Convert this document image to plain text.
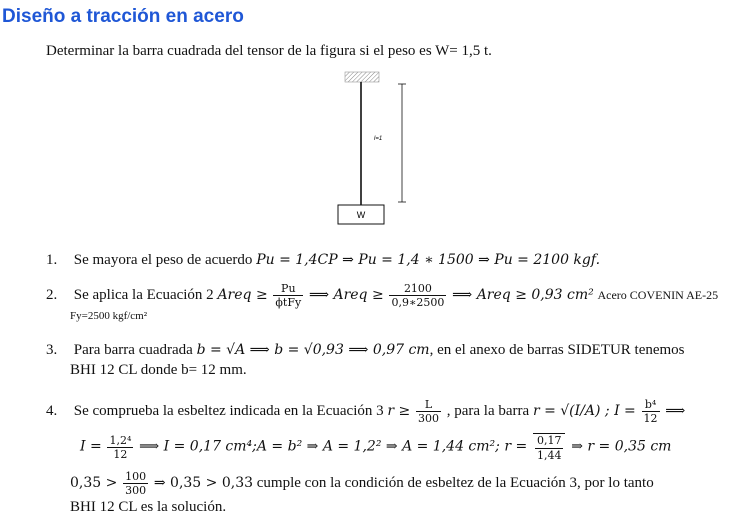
Diseño a tracción en acero
Determinar la barra cuadrada del tensor de la figura si el peso es W= 1,5 t.
W
l=1
1. Se mayora el peso de acuerdo Pu = 1,4CP ⇒ Pu = 1,4 ∗ 1500 ⇒ Pu = 2100 kgf.
2. Se aplica la Ecuación 2 Areq ≥ $\frac{Pu}{\text{ϕtFy}}$ ⟹ Areq ≥ $\frac{2100}{0,9∗2500}$ ⟹ Areq ≥ 0,93 cm² Acero COVENIN AE-25
Fy=2500 kgf/cm²
3. Para barra cuadrada b = √A ⟹ b = √0,93 ⟹ 0,97 cm, en el anexo de barras SIDETUR tenemos
BHI 12 CL donde b= 12 mm.
4. Se comprueba la esbeltez indicada en la Ecuación 3 $r \ge \frac{L}{300}$ , para la barra r = √(I/A) ; $I = \frac{\text{b⁴}}{12}$ ⟹
$I = \frac{\text{1,2⁴}}{12}$ ⟹ I = 0,17 cm⁴;A = b² ⇒ A = 1,2² ⇒ A = 1,44 cm²; $r = \frac{0,17}{1,44}$ ⇒ r = 0,35 cm
$0,35 > \frac{100}{300}$ ⇒ 0,35 > 0,33 cumple con la condición de esbeltez de la Ecuación 3, por lo tanto
BHI 12 CL es la solución.
